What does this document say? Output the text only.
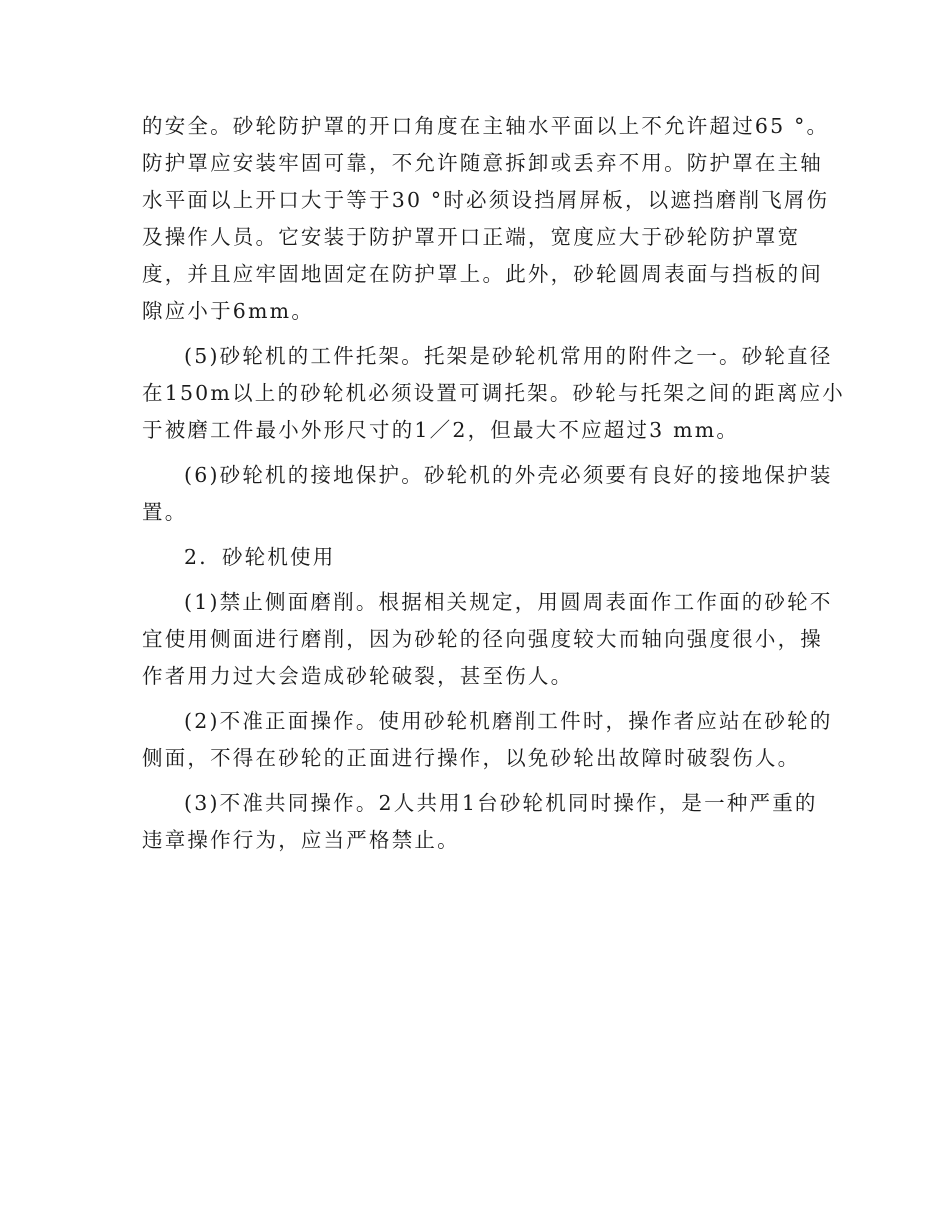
的安全。砂轮防护罩的开口角度在主轴水平面以上不允许超过65 °。
防护罩应安装牢固可靠，不允许随意拆卸或丢弃不用。防护罩在主轴
水平面以上开口大于等于30 °时必须设挡屑屏板，以遮挡磨削飞屑伤
及操作人员。它安装于防护罩开口正端，宽度应大于砂轮防护罩宽
度，并且应牢固地固定在防护罩上。此外，砂轮圆周表面与挡板的间
隙应小于6mm。
(5)砂轮机的工件托架。托架是砂轮机常用的附件之一。砂轮直径
在150m以上的砂轮机必须设置可调托架。砂轮与托架之间的距离应小
于被磨工件最小外形尺寸的1／2，但最大不应超过3 mm。
(6)砂轮机的接地保护。砂轮机的外壳必须要有良好的接地保护装
置。
2．砂轮机使用
(1)禁止侧面磨削。根据相关规定，用圆周表面作工作面的砂轮不
宜使用侧面进行磨削，因为砂轮的径向强度较大而轴向强度很小，操
作者用力过大会造成砂轮破裂，甚至伤人。
(2)不准正面操作。使用砂轮机磨削工件时，操作者应站在砂轮的
侧面，不得在砂轮的正面进行操作，以免砂轮出故障时破裂伤人。
(3)不准共同操作。2人共用1台砂轮机同时操作，是一种严重的
违章操作行为，应当严格禁止。
